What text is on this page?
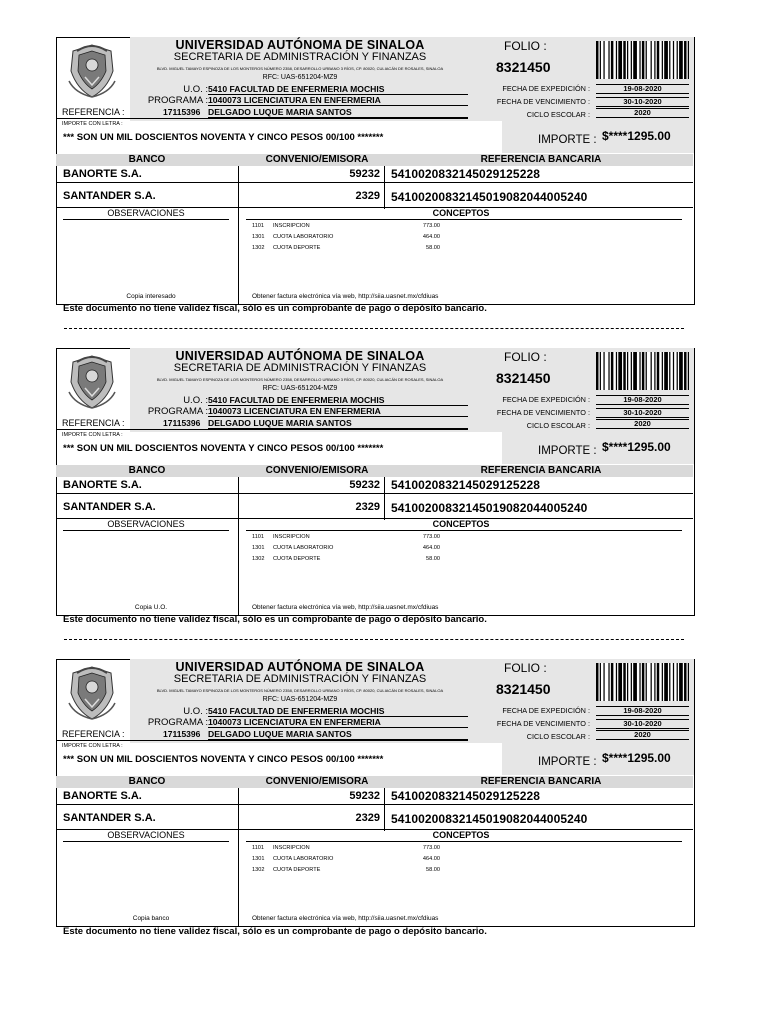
UNIVERSIDAD AUTÓNOMA DE SINALOA
SECRETARIA DE ADMINISTRACIÓN Y FINANZAS
BLVD. MIGUEL TAMAYO ESPINOZA DE LOS MONTEROS NÚMERO 2358, DESARROLLO URBANO 3 RÍOS, CP. 80020, CULIACÁN DE ROSALES, SINALOA
RFC: UAS-651204-MZ9
U.O. : 5410 FACULTAD DE ENFERMERIA MOCHIS
PROGRAMA : 1040073 LICENCIATURA EN ENFERMERIA
REFERENCIA :	17115396 DELGADO LUQUE MARIA SANTOS
FOLIO :
8321450
FECHA DE EXPEDICIÓN :	19-08-2020
FECHA DE VENCIMIENTO :	30-10-2020
CICLO ESCOLAR :	2020
IMPORTE CON LETRA :
*** SON UN MIL DOSCIENTOS NOVENTA Y CINCO PESOS 00/100 *******	IMPORTE : $****1295.00
BANCO	CONVENIO/EMISORA	REFERENCIA BANCARIA
BANORTE S.A.	59232 5410020832145029125228
SANTANDER S.A.	2329 54100200832145019082044005240
OBSERVACIONES	CONCEPTOS
1101 INSCRIPCION	773.00
1301 CUOTA LABORATORIO	464.00
1302 CUOTA DEPORTE	58.00
Copia interesado	Obtener factura electrónica vía web, http://siia.uasnet.mx/cfdiuas
UNIVERSIDAD AUTÓNOMA DE SINALOA
SECRETARIA DE ADMINISTRACIÓN Y FINANZAS
BLVD. MIGUEL TAMAYO ESPINOZA DE LOS MONTEROS NÚMERO 2358, DESARROLLO URBANO 3 RÍOS, CP. 80020, CULIACÁN DE ROSALES, SINALOA
RFC: UAS-651204-MZ9
U.O. : 5410 FACULTAD DE ENFERMERIA MOCHIS
PROGRAMA : 1040073 LICENCIATURA EN ENFERMERIA
REFERENCIA :	17115396 DELGADO LUQUE MARIA SANTOS
FOLIO :
8321450
FECHA DE EXPEDICIÓN :	19-08-2020
FECHA DE VENCIMIENTO :	30-10-2020
CICLO ESCOLAR :	2020
IMPORTE CON LETRA :
*** SON UN MIL DOSCIENTOS NOVENTA Y CINCO PESOS 00/100 *******	IMPORTE : $****1295.00
BANCO	CONVENIO/EMISORA	REFERENCIA BANCARIA
BANORTE S.A.	59232 5410020832145029125228
SANTANDER S.A.	2329 54100200832145019082044005240
OBSERVACIONES	CONCEPTOS
1101 INSCRIPCION	773.00
1301 CUOTA LABORATORIO	464.00
1302 CUOTA DEPORTE	58.00
Copia U.O.	Obtener factura electrónica vía web, http://siia.uasnet.mx/cfdiuas
UNIVERSIDAD AUTÓNOMA DE SINALOA
SECRETARIA DE ADMINISTRACIÓN Y FINANZAS
BLVD. MIGUEL TAMAYO ESPINOZA DE LOS MONTEROS NÚMERO 2358, DESARROLLO URBANO 3 RÍOS, CP. 80020, CULIACÁN DE ROSALES, SINALOA
RFC: UAS-651204-MZ9
U.O. : 5410 FACULTAD DE ENFERMERIA MOCHIS
PROGRAMA : 1040073 LICENCIATURA EN ENFERMERIA
REFERENCIA :	17115396 DELGADO LUQUE MARIA SANTOS
FOLIO :
8321450
FECHA DE EXPEDICIÓN :	19-08-2020
FECHA DE VENCIMIENTO :	30-10-2020
CICLO ESCOLAR :	2020
IMPORTE CON LETRA :
*** SON UN MIL DOSCIENTOS NOVENTA Y CINCO PESOS 00/100 *******	IMPORTE : $****1295.00
BANCO	CONVENIO/EMISORA	REFERENCIA BANCARIA
BANORTE S.A.	59232 5410020832145029125228
SANTANDER S.A.	2329 54100200832145019082044005240
OBSERVACIONES	CONCEPTOS
1101 INSCRIPCION	773.00
1301 CUOTA LABORATORIO	464.00
1302 CUOTA DEPORTE	58.00
Copia banco	Obtener factura electrónica vía web, http://siia.uasnet.mx/cfdiuas
Este documento no tiene validez fiscal, sólo es un comprobante de pago o depósito bancario.
Este documento no tiene validez fiscal, sólo es un comprobante de pago o depósito bancario.
Este documento no tiene validez fiscal, sólo es un comprobante de pago o depósito bancario.
